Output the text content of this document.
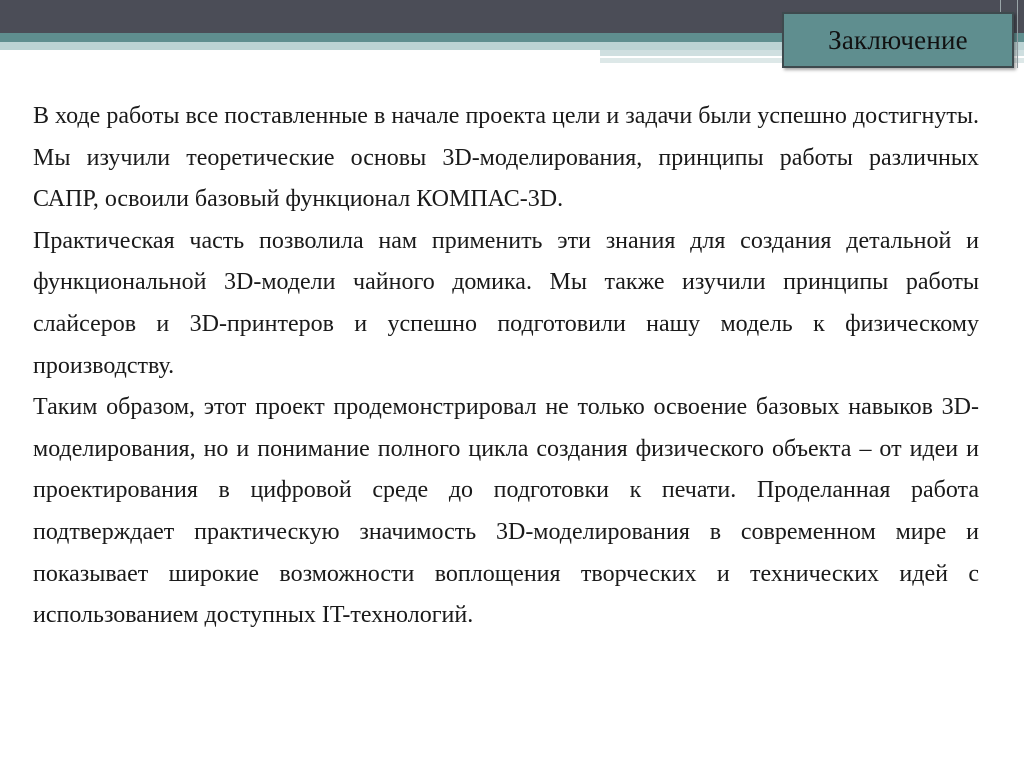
Заключение

В ходе работы все поставленные в начале проекта цели и задачи были успешно достигнуты. Мы изучили теоретические основы 3D-моделирования, принципы работы различных САПР, освоили базовый функционал КОМПАС-3D.

Практическая часть позволила нам применить эти знания для создания детальной и функциональной 3D-модели чайного домика. Мы также изучили принципы работы слайсеров и 3D-принтеров и успешно подготовили нашу модель к физическому производству.

Таким образом, этот проект продемонстрировал не только освоение базовых навыков 3D-моделирования, но и понимание полного цикла создания физического объекта – от идеи и проектирования в цифровой среде до подготовки к печати. Проделанная работа подтверждает практическую значимость 3D-моделирования в современном мире и показывает широкие возможности воплощения творческих и технических идей с использованием доступных IT-технологий.
